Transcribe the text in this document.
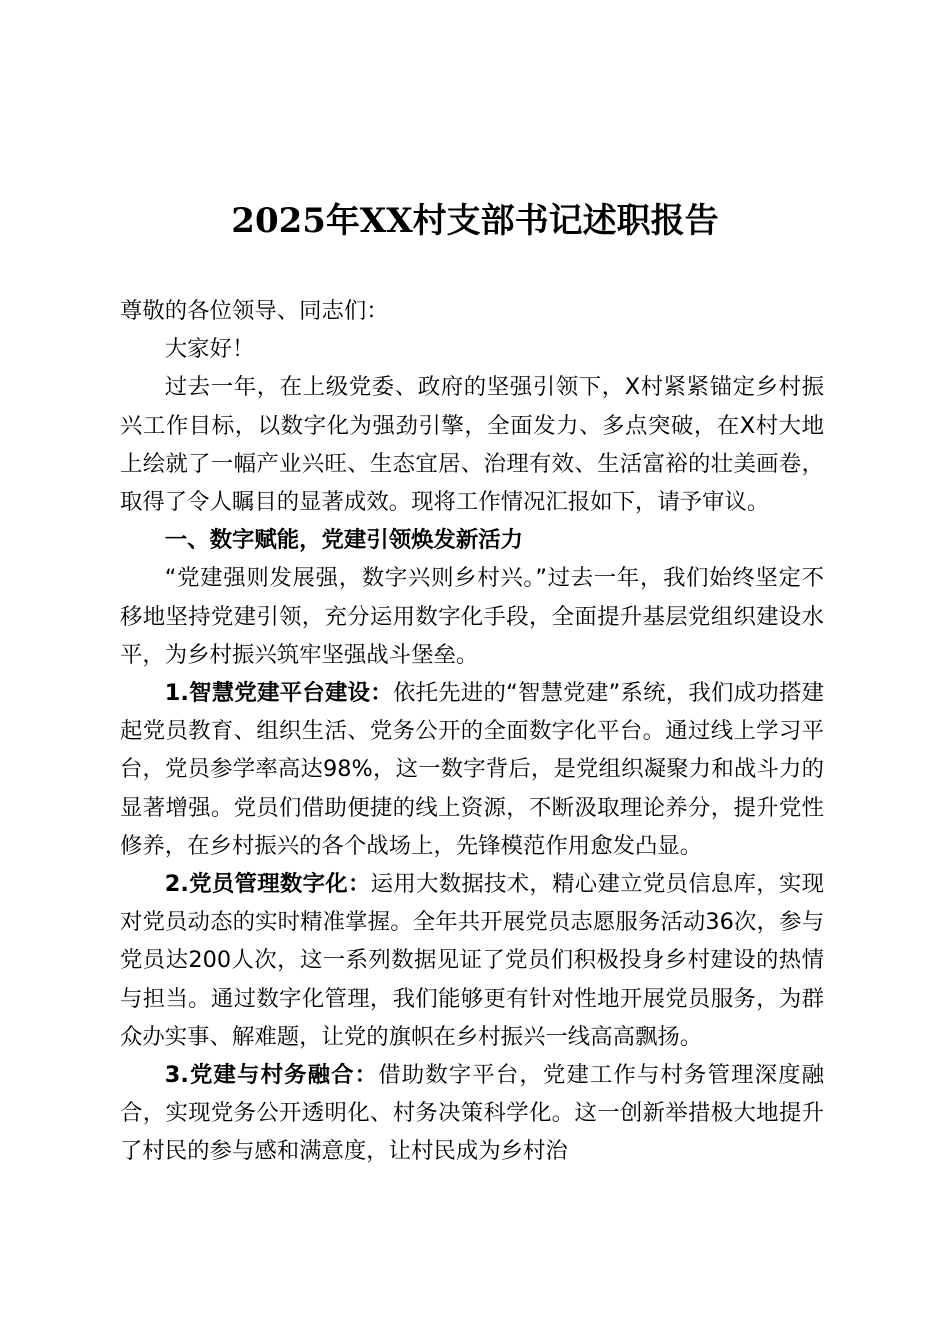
2025年XX村支部书记述职报告

尊敬的各位领导、同志们：

大家好！

过去一年，在上级党委、政府的坚强引领下，X村紧紧锚定乡村振兴工作目标，以数字化为强劲引擎，全面发力、多点突破，在X村大地上绘就了一幅产业兴旺、生态宜居、治理有效、生活富裕的壮美画卷，取得了令人瞩目的显著成效。现将工作情况汇报如下，请予审议。

一、数字赋能，党建引领焕发新活力

“党建强则发展强，数字兴则乡村兴。”过去一年，我们始终坚定不移地坚持党建引领，充分运用数字化手段，全面提升基层党组织建设水平，为乡村振兴筑牢坚强战斗堡垒。

1.智慧党建平台建设：依托先进的“智慧党建”系统，我们成功搭建起党员教育、组织生活、党务公开的全面数字化平台。通过线上学习平台，党员参学率高达98%，这一数字背后，是党组织凝聚力和战斗力的显著增强。党员们借助便捷的线上资源，不断汲取理论养分，提升党性修养，在乡村振兴的各个战场上，先锋模范作用愈发凸显。

2.党员管理数字化：运用大数据技术，精心建立党员信息库，实现对党员动态的实时精准掌握。全年共开展党员志愿服务活动36次，参与党员达200人次，这一系列数据见证了党员们积极投身乡村建设的热情与担当。通过数字化管理，我们能够更有针对性地开展党员服务，为群众办实事、解难题，让党的旗帜在乡村振兴一线高高飘扬。

3.党建与村务融合：借助数字平台，党建工作与村务管理深度融合，实现党务公开透明化、村务决策科学化。这一创新举措极大地提升了村民的参与感和满意度，让村民成为乡村治
